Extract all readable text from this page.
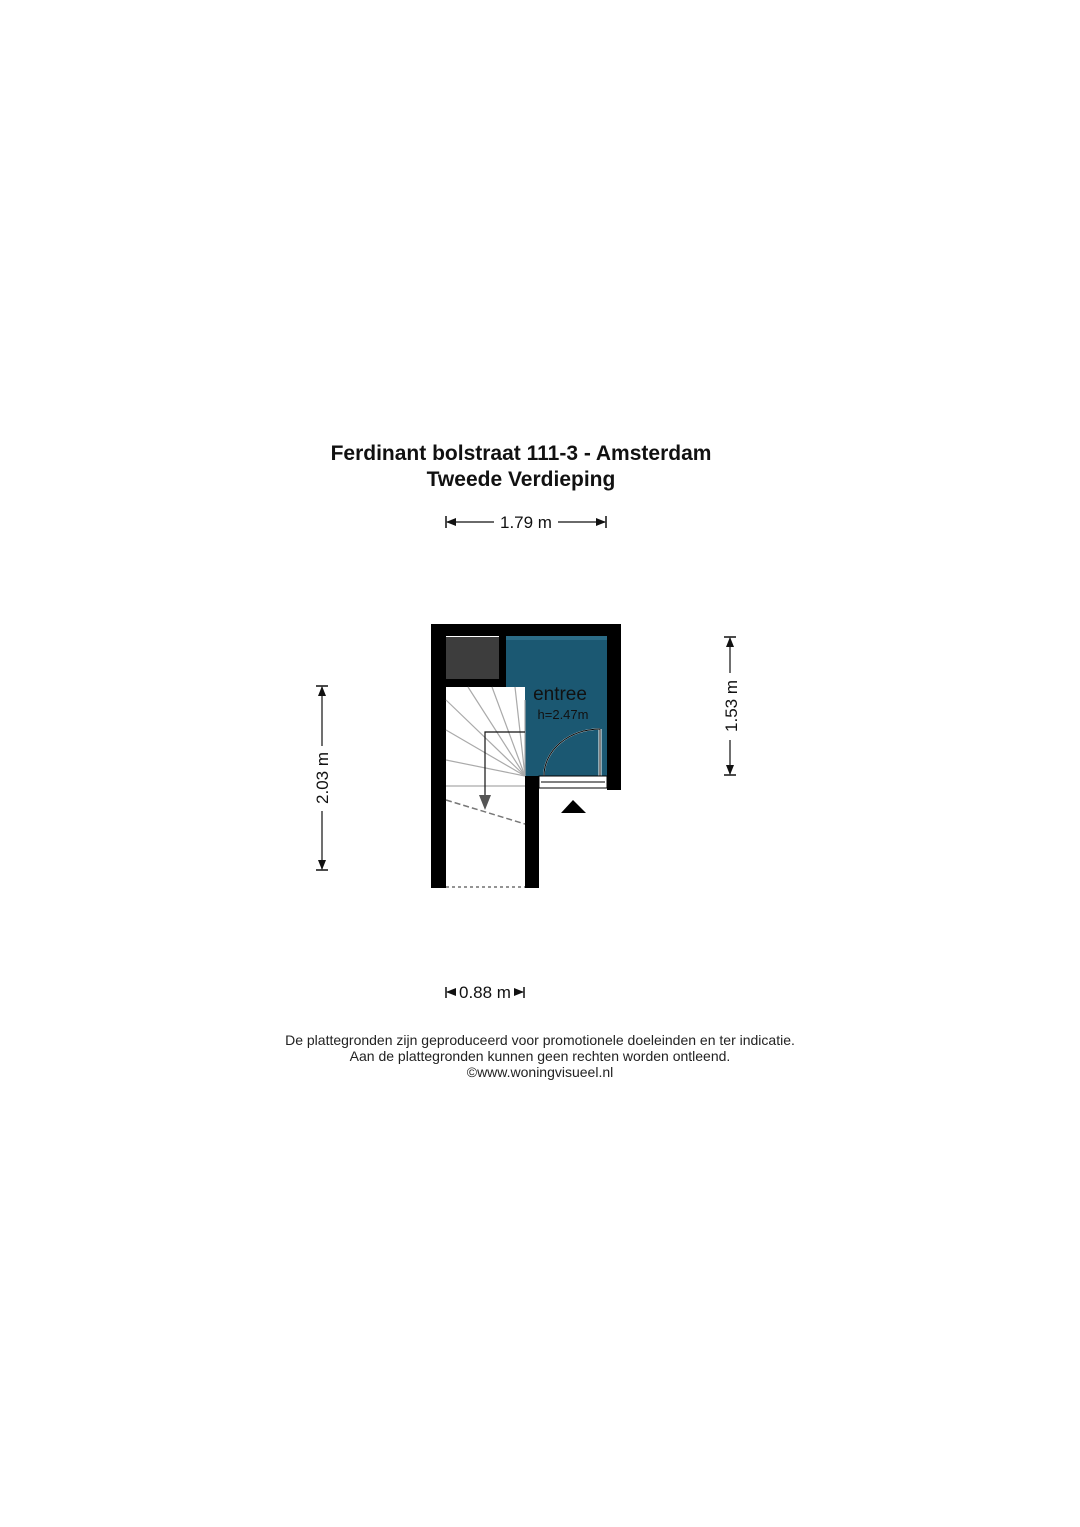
Ferdinant bolstraat 111-3 - Amsterdam
Tweede Verdieping
1.79 m
2.03 m
1.53 m
0.88 m
entree
h=2.47m
De plattegronden zijn geproduceerd voor promotionele doeleinden en ter indicatie.
Aan de plattegronden kunnen geen rechten worden ontleend.
©www.woningvisueel.nl
